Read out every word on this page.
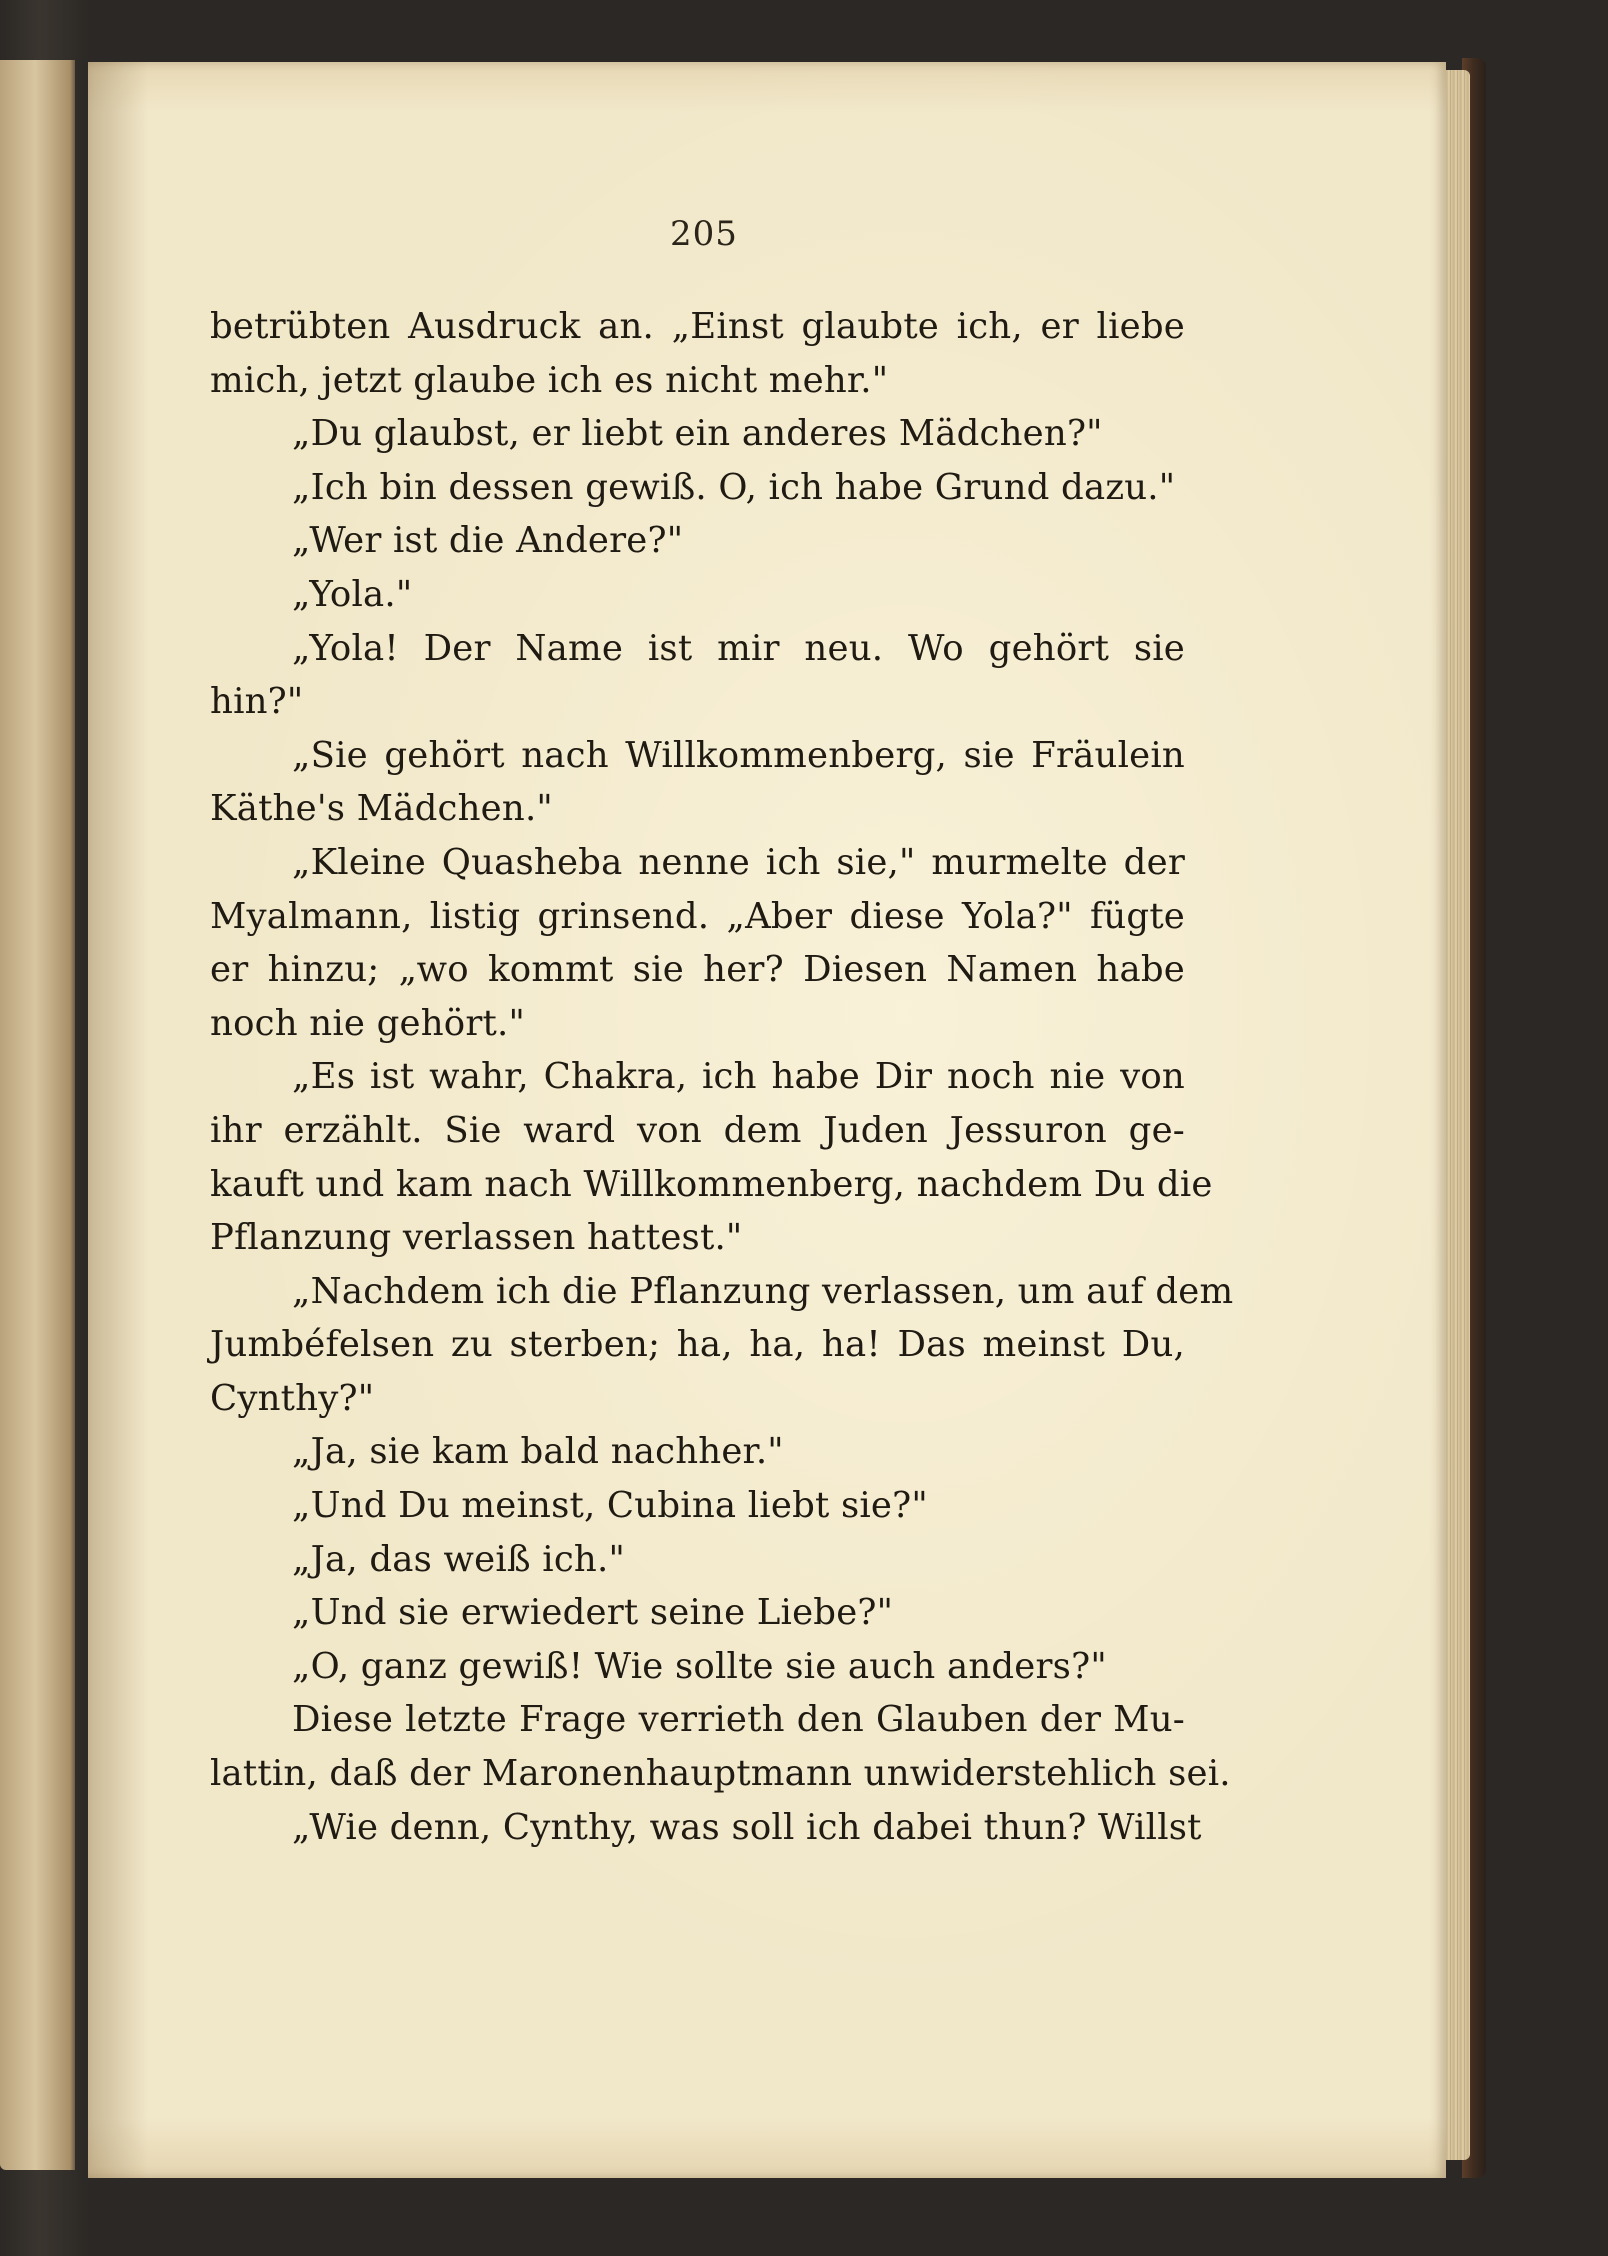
205
betrübten Ausdruck an. „Einst glaubte ich, er liebe
mich, jetzt glaube ich es nicht mehr."
„Du glaubst, er liebt ein anderes Mädchen?"
„Ich bin dessen gewiß. O, ich habe Grund dazu."
„Wer ist die Andere?"
„Yola."
„Yola! Der Name ist mir neu. Wo gehört sie
hin?"
„Sie gehört nach Willkommenberg, sie Fräulein
Käthe's Mädchen."
„Kleine Quasheba nenne ich sie," murmelte der
Myalmann, listig grinsend. „Aber diese Yola?" fügte
er hinzu; „wo kommt sie her? Diesen Namen habe
noch nie gehört."
„Es ist wahr, Chakra, ich habe Dir noch nie von
ihr erzählt. Sie ward von dem Juden Jessuron ge-
kauft und kam nach Willkommenberg, nachdem Du die
Pflanzung verlassen hattest."
„Nachdem ich die Pflanzung verlassen, um auf dem
Jumbéfelsen zu sterben; ha, ha, ha! Das meinst Du,
Cynthy?"
„Ja, sie kam bald nachher."
„Und Du meinst, Cubina liebt sie?"
„Ja, das weiß ich."
„Und sie erwiedert seine Liebe?"
„O, ganz gewiß! Wie sollte sie auch anders?"
Diese letzte Frage verrieth den Glauben der Mu-
lattin, daß der Maronenhauptmann unwiderstehlich sei.
„Wie denn, Cynthy, was soll ich dabei thun? Willst
